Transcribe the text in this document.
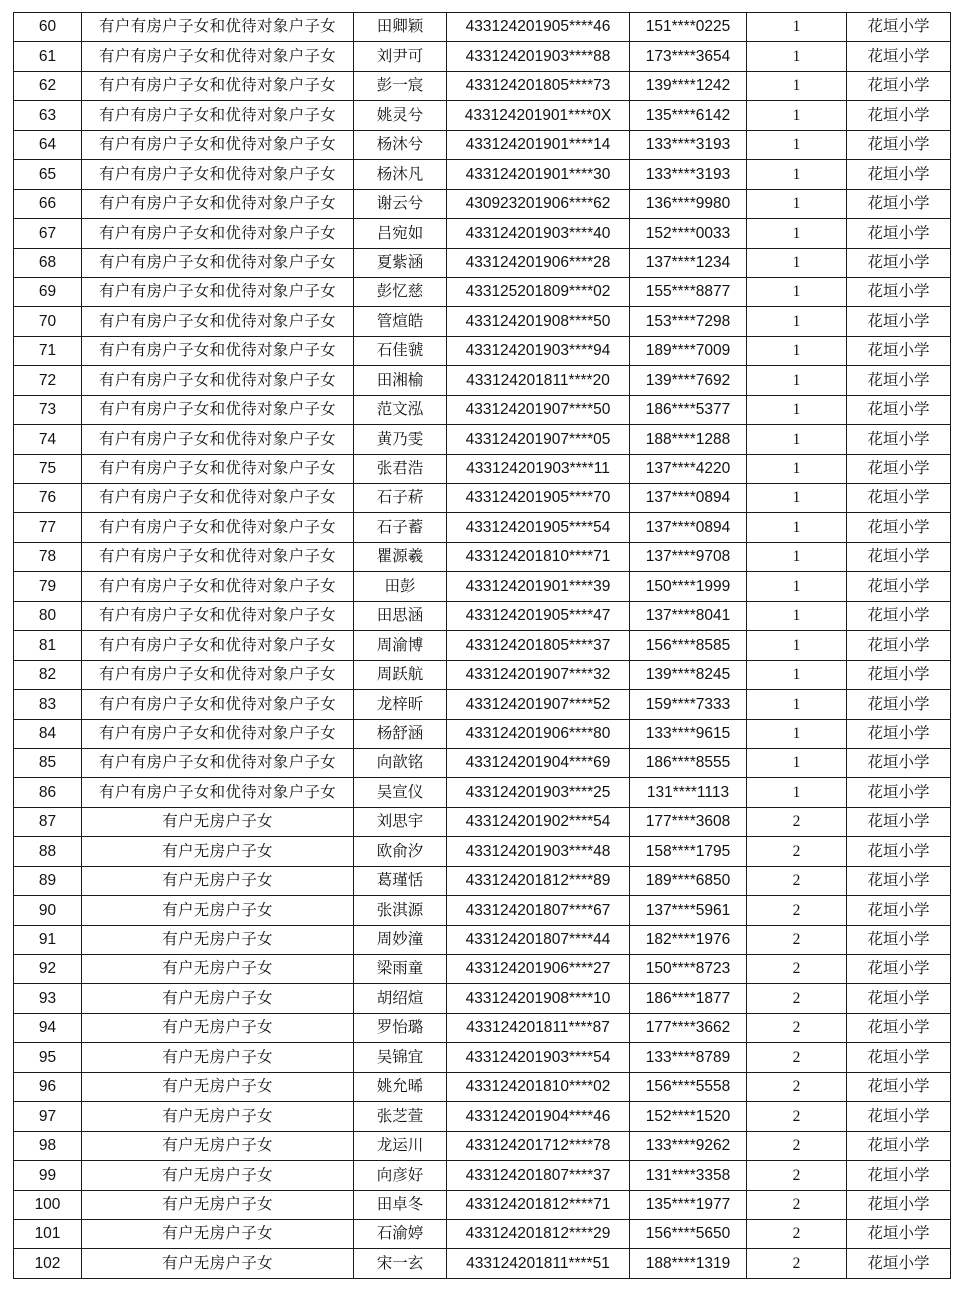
60	有户有房户子女和优待对象户子女	田卿颖	433124201905****46	151****0225	1	花垣小学
61	有户有房户子女和优待对象户子女	刘尹可	433124201903****88	173****3654	1	花垣小学
62	有户有房户子女和优待对象户子女	彭一宸	433124201805****73	139****1242	1	花垣小学
63	有户有房户子女和优待对象户子女	姚灵兮	433124201901****0X	135****6142	1	花垣小学
64	有户有房户子女和优待对象户子女	杨沐兮	433124201901****14	133****3193	1	花垣小学
65	有户有房户子女和优待对象户子女	杨沐凡	433124201901****30	133****3193	1	花垣小学
66	有户有房户子女和优待对象户子女	谢云兮	430923201906****62	136****9980	1	花垣小学
67	有户有房户子女和优待对象户子女	吕宛如	433124201903****40	152****0033	1	花垣小学
68	有户有房户子女和优待对象户子女	夏紫涵	433124201906****28	137****1234	1	花垣小学
69	有户有房户子女和优待对象户子女	彭忆慈	433125201809****02	155****8877	1	花垣小学
70	有户有房户子女和优待对象户子女	管煊皓	433124201908****50	153****7298	1	花垣小学
71	有户有房户子女和优待对象户子女	石佳虢	433124201903****94	189****7009	1	花垣小学
72	有户有房户子女和优待对象户子女	田湘榆	433124201811****20	139****7692	1	花垣小学
73	有户有房户子女和优待对象户子女	范文泓	433124201907****50	186****5377	1	花垣小学
74	有户有房户子女和优待对象户子女	黄乃雯	433124201907****05	188****1288	1	花垣小学
75	有户有房户子女和优待对象户子女	张君浩	433124201903****11	137****4220	1	花垣小学
76	有户有房户子女和优待对象户子女	石子菥	433124201905****70	137****0894	1	花垣小学
77	有户有房户子女和优待对象户子女	石子蓄	433124201905****54	137****0894	1	花垣小学
78	有户有房户子女和优待对象户子女	瞿源羲	433124201810****71	137****9708	1	花垣小学
79	有户有房户子女和优待对象户子女	田彭	433124201901****39	150****1999	1	花垣小学
80	有户有房户子女和优待对象户子女	田思涵	433124201905****47	137****8041	1	花垣小学
81	有户有房户子女和优待对象户子女	周渝博	433124201805****37	156****8585	1	花垣小学
82	有户有房户子女和优待对象户子女	周跃航	433124201907****32	139****8245	1	花垣小学
83	有户有房户子女和优待对象户子女	龙梓昕	433124201907****52	159****7333	1	花垣小学
84	有户有房户子女和优待对象户子女	杨舒涵	433124201906****80	133****9615	1	花垣小学
85	有户有房户子女和优待对象户子女	向歆铭	433124201904****69	186****8555	1	花垣小学
86	有户有房户子女和优待对象户子女	吴宣仪	433124201903****25	131****1113	1	花垣小学
87	有户无房户子女	刘思宇	433124201902****54	177****3608	2	花垣小学
88	有户无房户子女	欧俞汐	433124201903****48	158****1795	2	花垣小学
89	有户无房户子女	葛瑾恬	433124201812****89	189****6850	2	花垣小学
90	有户无房户子女	张淇源	433124201807****67	137****5961	2	花垣小学
91	有户无房户子女	周妙潼	433124201807****44	182****1976	2	花垣小学
92	有户无房户子女	梁雨童	433124201906****27	150****8723	2	花垣小学
93	有户无房户子女	胡绍煊	433124201908****10	186****1877	2	花垣小学
94	有户无房户子女	罗怡璐	433124201811****87	177****3662	2	花垣小学
95	有户无房户子女	吴锦宜	433124201903****54	133****8789	2	花垣小学
96	有户无房户子女	姚允晞	433124201810****02	156****5558	2	花垣小学
97	有户无房户子女	张芝萱	433124201904****46	152****1520	2	花垣小学
98	有户无房户子女	龙运川	433124201712****78	133****9262	2	花垣小学
99	有户无房户子女	向彦好	433124201807****37	131****3358	2	花垣小学
100	有户无房户子女	田卓冬	433124201812****71	135****1977	2	花垣小学
101	有户无房户子女	石渝婷	433124201812****29	156****5650	2	花垣小学
102	有户无房户子女	宋一玄	433124201811****51	188****1319	2	花垣小学
